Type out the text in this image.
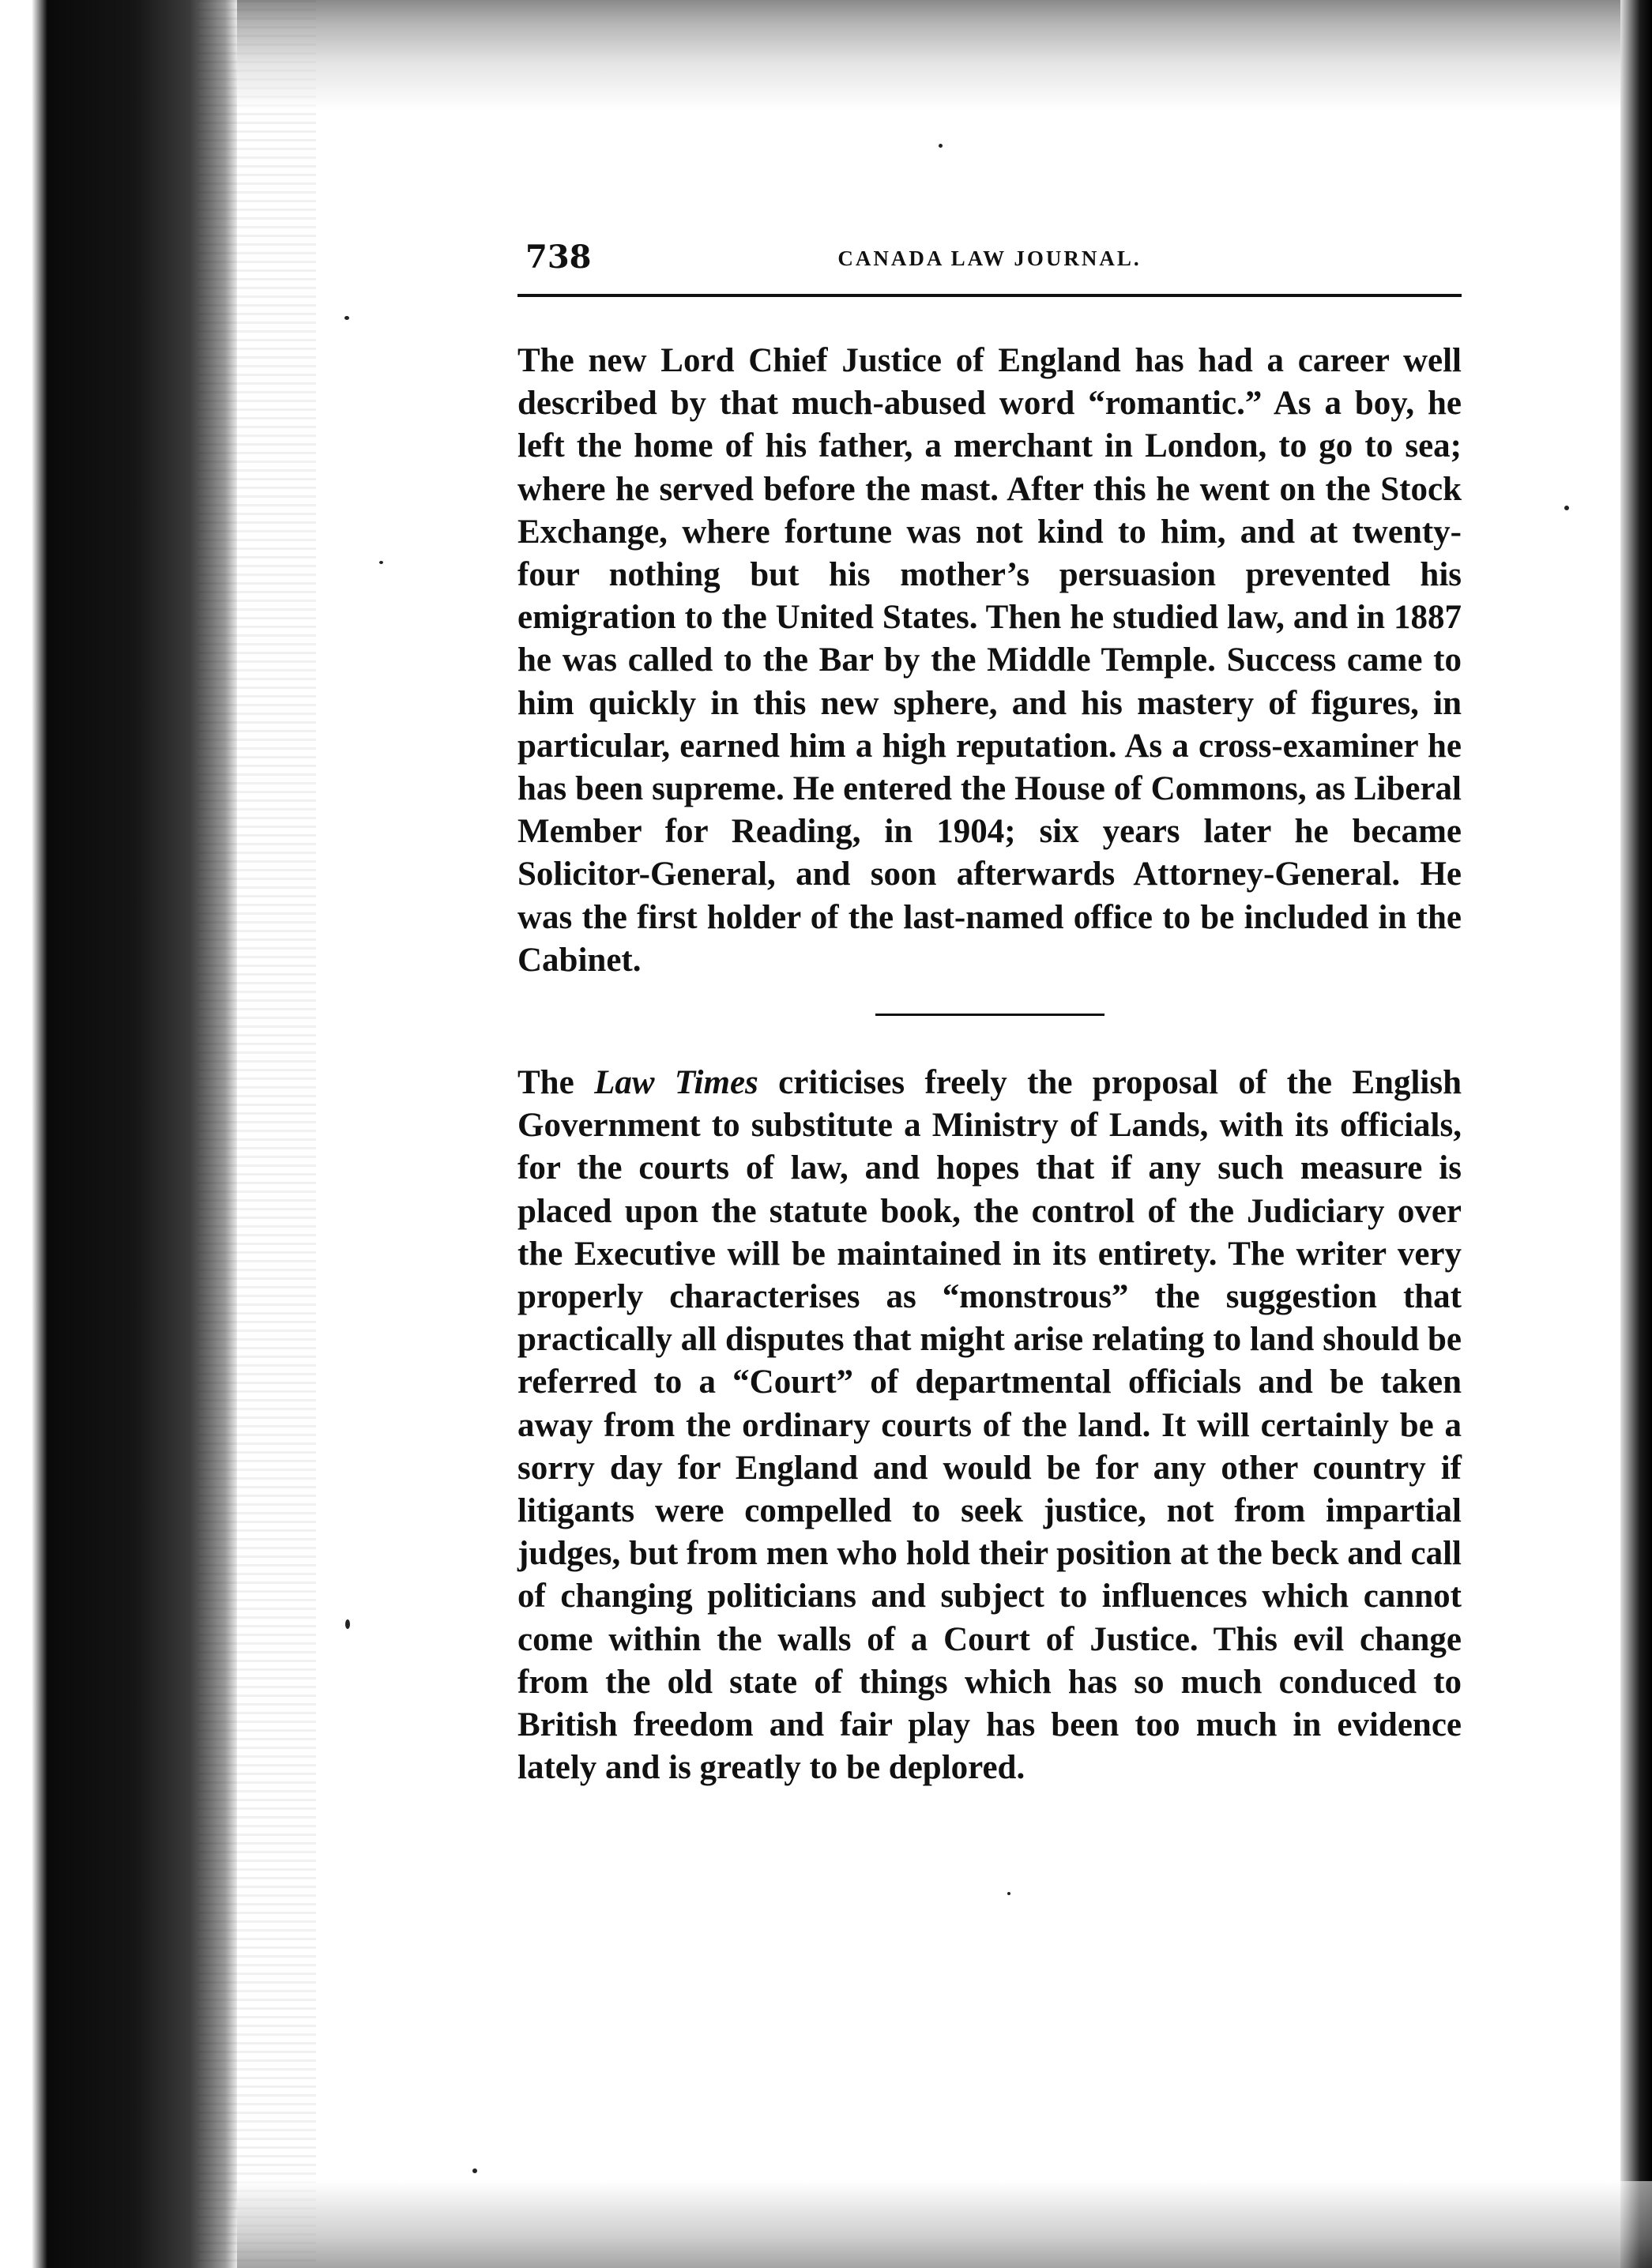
738	CANADA LAW JOURNAL.

The new Lord Chief Justice of England has had a career well described by that much-abused word “romantic.” As a boy, he left the home of his father, a merchant in London, to go to sea; where he served before the mast. After this he went on the Stock Exchange, where fortune was not kind to him, and at twenty-four nothing but his mother’s persuasion prevented his emigration to the United States. Then he studied law, and in 1887 he was called to the Bar by the Middle Temple. Success came to him quickly in this new sphere, and his mastery of figures, in particular, earned him a high reputation. As a cross-examiner he has been supreme. He entered the House of Commons, as Liberal Member for Reading, in 1904; six years later he became Solicitor-General, and soon afterwards Attorney-General. He was the first holder of the last-named office to be included in the Cabinet.

The Law Times criticises freely the proposal of the English Government to substitute a Ministry of Lands, with its officials, for the courts of law, and hopes that if any such measure is placed upon the statute book, the control of the Judiciary over the Executive will be maintained in its entirety. The writer very properly characterises as “monstrous” the suggestion that practically all disputes that might arise relating to land should be referred to a “Court” of departmental officials and be taken away from the ordinary courts of the land. It will certainly be a sorry day for England and would be for any other country if litigants were compelled to seek justice, not from impartial judges, but from men who hold their position at the beck and call of changing politicians and subject to influences which cannot come within the walls of a Court of Justice. This evil change from the old state of things which has so much conduced to British freedom and fair play has been too much in evidence lately and is greatly to be deplored.
